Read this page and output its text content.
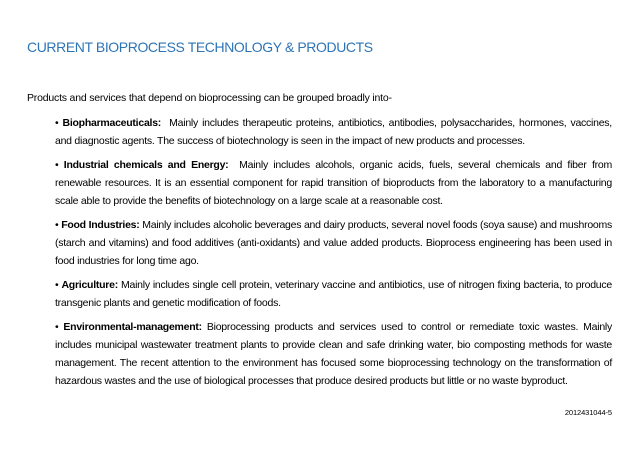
CURRENT BIOPROCESS TECHNOLOGY & PRODUCTS
Products and services that depend on bioprocessing can be grouped broadly into-

• Biopharmaceuticals: Mainly includes therapeutic proteins, antibiotics, antibodies, polysaccharides, hormones, vaccines, and diagnostic agents. The success of biotechnology is seen in the impact of new products and processes.

• Industrial chemicals and Energy: Mainly includes alcohols, organic acids, fuels, several chemicals and fiber from renewable resources. It is an essential component for rapid transition of bioproducts from the laboratory to a manufacturing scale able to provide the benefits of biotechnology on a large scale at a reasonable cost.

• Food Industries: Mainly includes alcoholic beverages and dairy products, several novel foods (soya sause) and mushrooms (starch and vitamins) and food additives (anti-oxidants) and value added products. Bioprocess engineering has been used in food industries for long time ago.

• Agriculture: Mainly includes single cell protein, veterinary vaccine and antibiotics, use of nitrogen fixing bacteria, to produce transgenic plants and genetic modification of foods.

• Environmental-management: Bioprocessing products and services used to control or remediate toxic wastes. Mainly includes municipal wastewater treatment plants to provide clean and safe drinking water, bio composting methods for waste management. The recent attention to the environment has focused some bioprocessing technology on the transformation of hazardous wastes and the use of biological processes that produce desired products but little or no waste byproduct.

2012431044-5
